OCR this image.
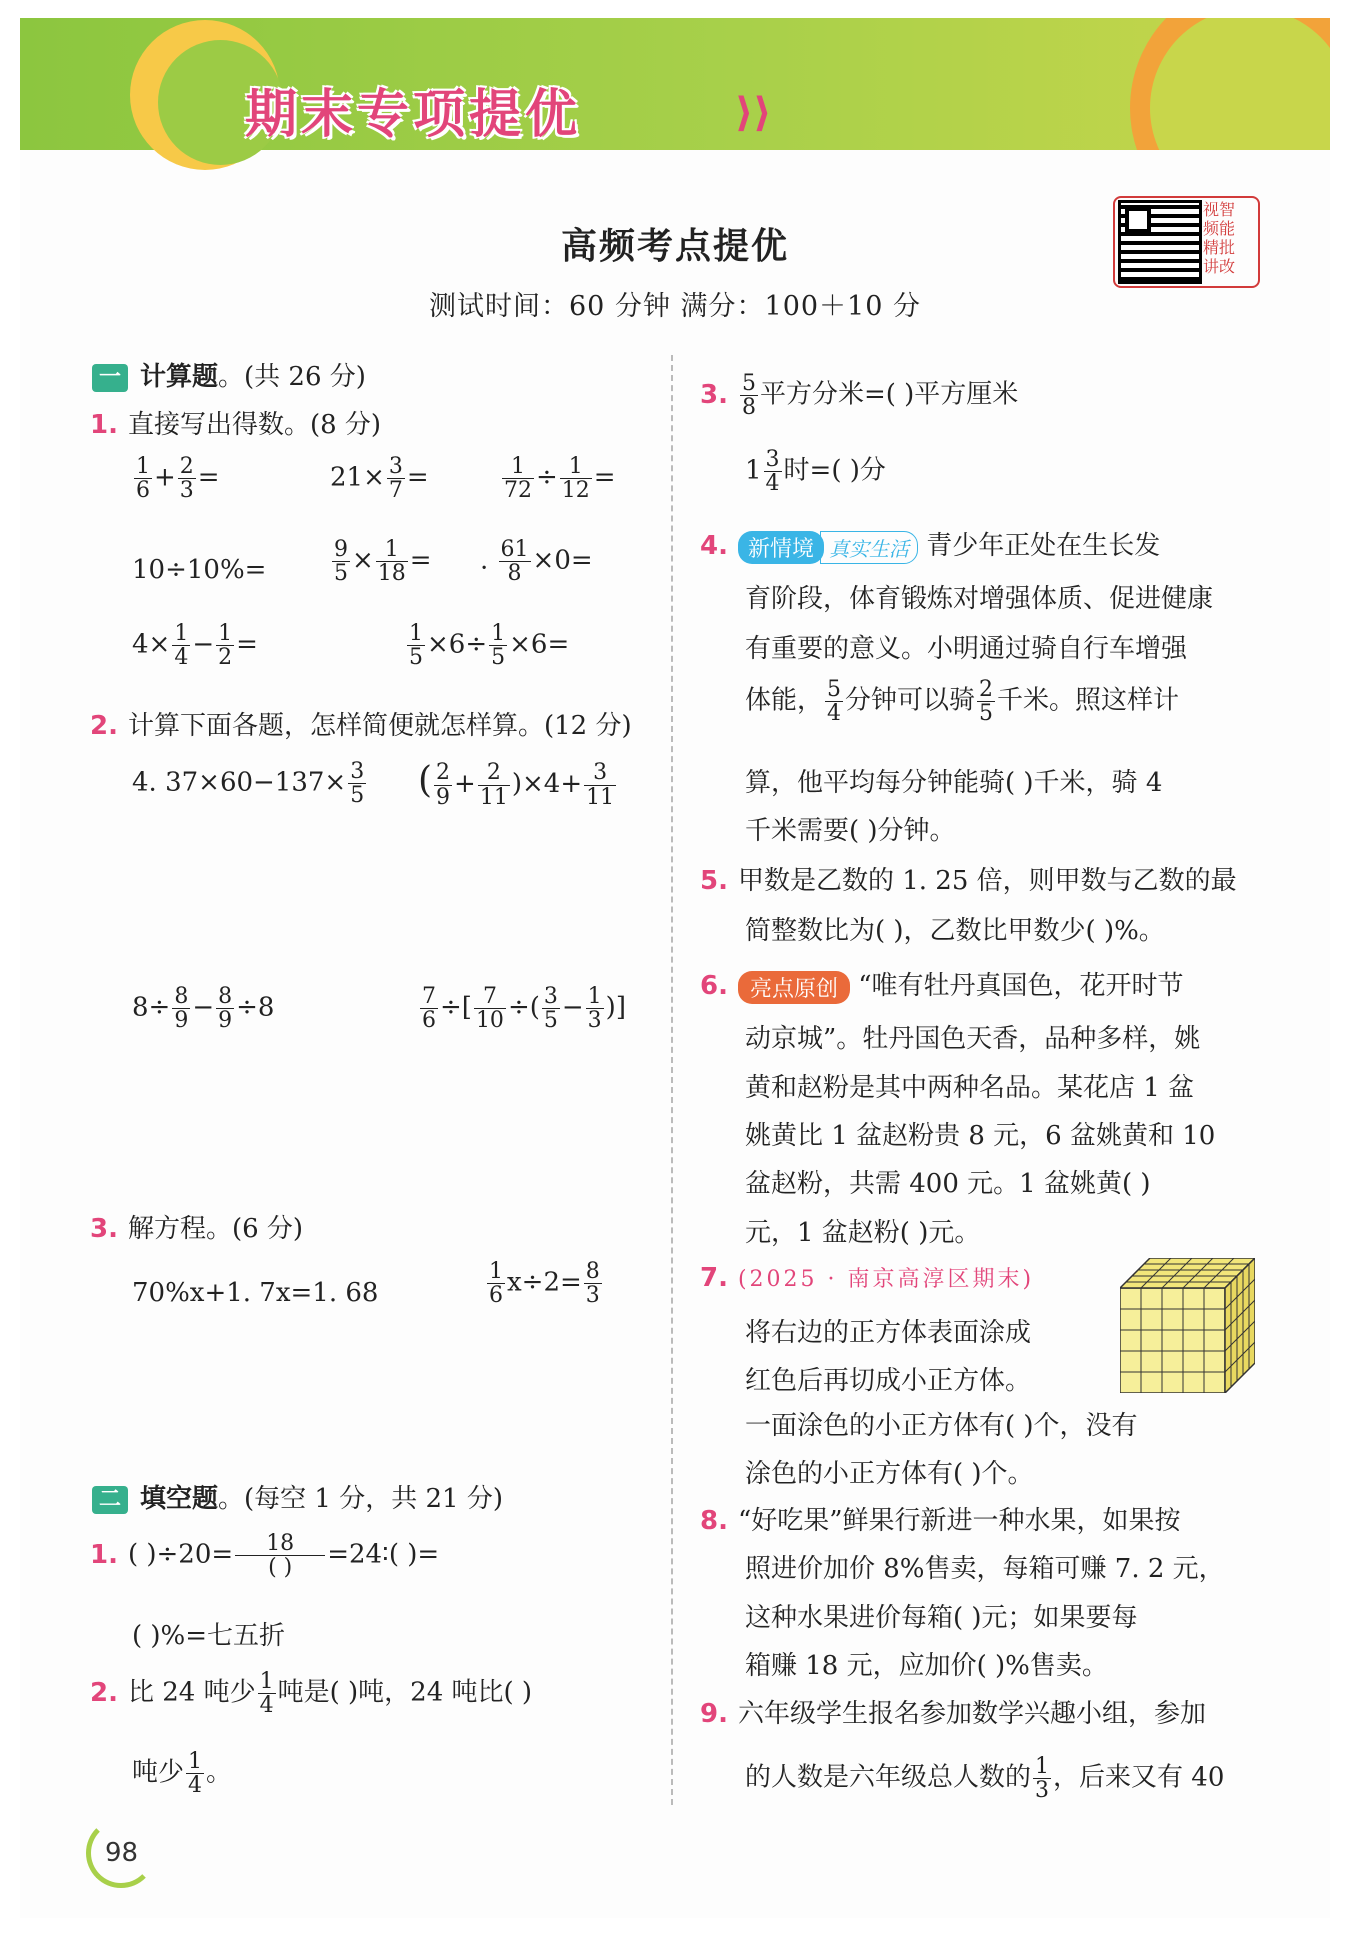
期末专项提优	⟩⟩
高频考点提优
测试时间：60 分钟 满分：100＋10 分
视智
频能
精批
讲改
一 计算题。(共 26 分)
1. 直接写出得数。(8 分)
$\frac{1}{6} + \frac{2}{3}$ =	$21\times \frac{3}{7}$ =	$\frac{1}{72} \div \frac{1}{12}$ =
10÷10%=	$\frac{9}{5} \times \frac{1}{18}$ = . $\frac{61}{8} \times 0=$
$4\times \frac{1}{4} - \frac{1}{2}$ =	$\frac{1}{5} \times 6\div \frac{1}{5} \times 6=$
2. 计算下面各题，怎样简便就怎样算。(12 分)
4. $37\times 60-137\times \frac{3}{5}$ ( $\frac{2}{9} + \frac{2}{11} )\times 4+ \frac{3}{11}$
$8\div \frac{8}{9} - \frac{8}{9} \div 8$	$\frac{7}{6}$ ÷[ $\frac{7}{10}$ ÷( $\frac{3}{5} - \frac{1}{3}$ )]
3. 解方程。(6 分)
70%x+1. 7x=1. 68	$\frac{1}{6} x\div 2= \frac{8}{3}$
二 填空题。(每空 1 分，共 21 分)
1. ( )$\div 20= \frac{18}{( )}$ =24∶( )=
( )%=七五折
2. 比 24 吨少 $\frac{1}{4}$ 吨是( )吨，24 吨比( )
吨少 $\frac{1}{4}$ 。
3. $\frac{5}{8}$ 平方分米=( )平方厘米
$1 \frac{3}{4}$ 时=( )分
4. 新情境 真实生活 青少年正处在生长发
育阶段，体育锻炼对增强体质、促进健康
有重要的意义。小明通过骑自行车增强
体能， $\frac{5}{4}$ 分钟可以骑 $\frac{2}{5}$ 千米。照这样计
算，他平均每分钟能骑( )千米，骑 4
千米需要( )分钟。
5. 甲数是乙数的 1. 25 倍，则甲数与乙数的最
简整数比为( )，乙数比甲数少( )%。
6. 亮点原创 “唯有牡丹真国色，花开时节
动京城”。牡丹国色天香，品种多样，姚
黄和赵粉是其中两种名品。某花店 1 盆
姚黄比 1 盆赵粉贵 8 元，6 盆姚黄和 10
盆赵粉，共需 400 元。1 盆姚黄( )
元，1 盆赵粉( )元。
7. (2025 · 南京高淳区期末)
将右边的正方体表面涂成
红色后再切成小正方体。
一面涂色的小正方体有( )个，没有
涂色的小正方体有( )个。
8. “好吃果”鲜果行新进一种水果，如果按
照进价加价 8%售卖，每箱可赚 7. 2 元，
这种水果进价每箱( )元；如果要每
箱赚 18 元，应加价( )%售卖。
9. 六年级学生报名参加数学兴趣小组，参加
的人数是六年级总人数的 $\frac{1}{3}$ ，后来又有 40
98
